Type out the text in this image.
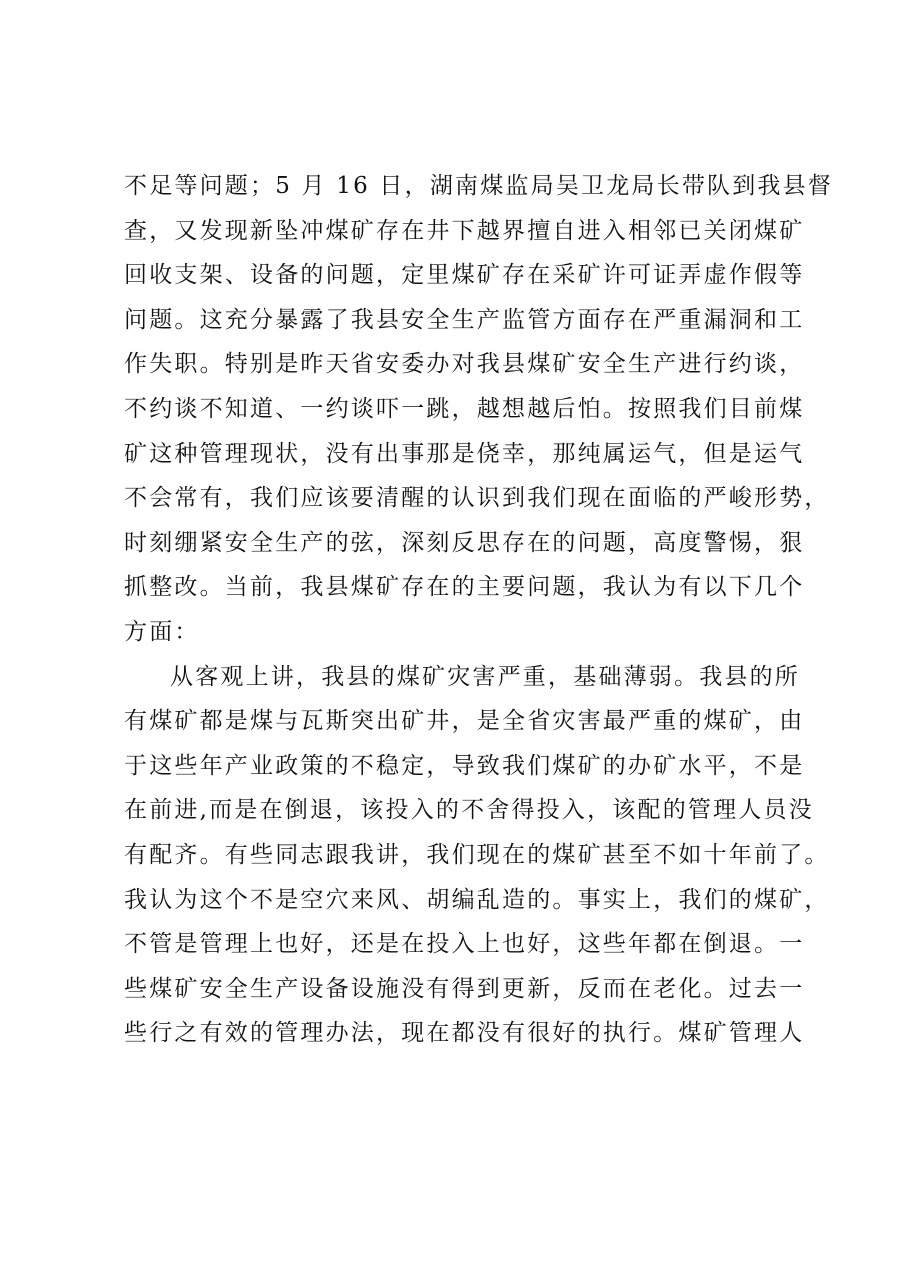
不足等问题；5 月 16 日，湖南煤监局吴卫龙局长带队到我县督
查，又发现新坠冲煤矿存在井下越界擅自进入相邻已关闭煤矿
回收支架、设备的问题，定里煤矿存在采矿许可证弄虚作假等
问题。这充分暴露了我县安全生产监管方面存在严重漏洞和工
作失职。特别是昨天省安委办对我县煤矿安全生产进行约谈，
不约谈不知道、一约谈吓一跳，越想越后怕。按照我们目前煤
矿这种管理现状，没有出事那是侥幸，那纯属运气，但是运气
不会常有，我们应该要清醒的认识到我们现在面临的严峻形势，
时刻绷紧安全生产的弦，深刻反思存在的问题，高度警惕，狠
抓整改。当前，我县煤矿存在的主要问题，我认为有以下几个
方面：
从客观上讲，我县的煤矿灾害严重，基础薄弱。我县的所
有煤矿都是煤与瓦斯突出矿井，是全省灾害最严重的煤矿，由
于这些年产业政策的不稳定，导致我们煤矿的办矿水平，不是
在前进,而是在倒退，该投入的不舍得投入，该配的管理人员没
有配齐。有些同志跟我讲，我们现在的煤矿甚至不如十年前了。
我认为这个不是空穴来风、胡编乱造的。事实上，我们的煤矿，
不管是管理上也好，还是在投入上也好，这些年都在倒退。一
些煤矿安全生产设备设施没有得到更新，反而在老化。过去一
些行之有效的管理办法，现在都没有很好的执行。煤矿管理人
